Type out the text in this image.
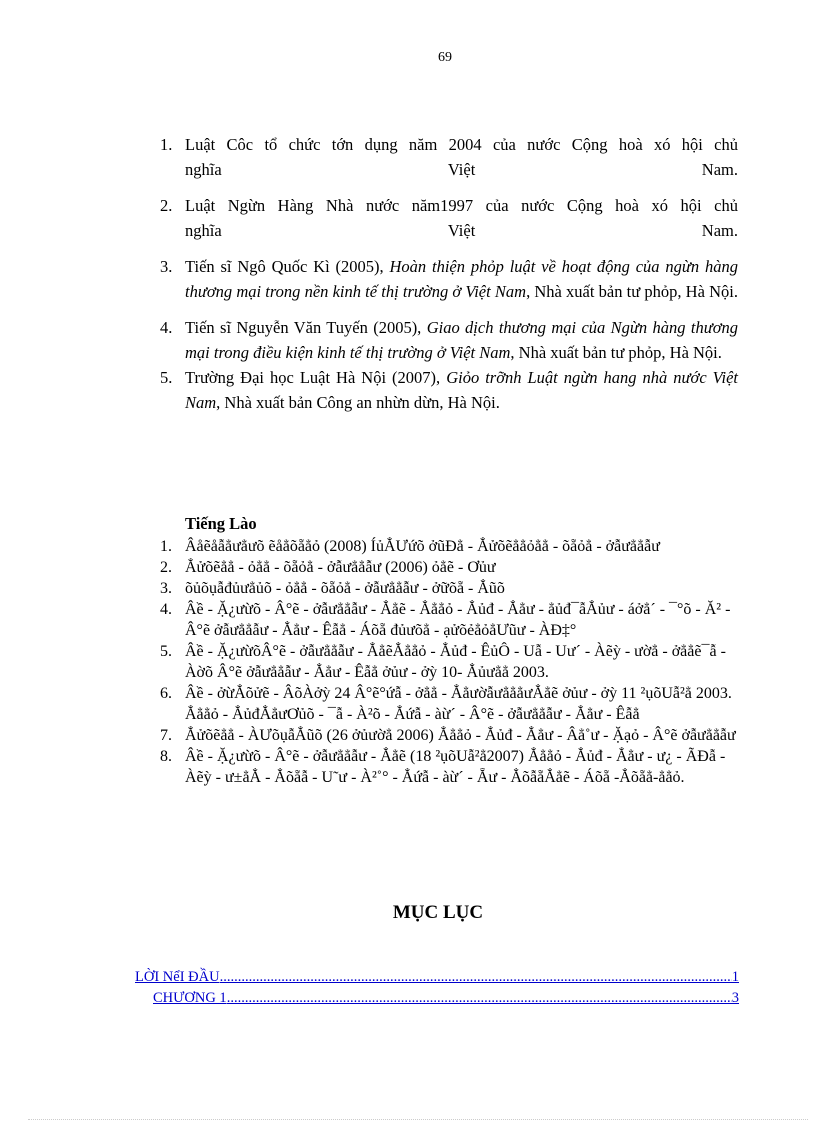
69
1. Luật Côc tổ chức tớn dụng năm 2004 của nước Cộng hoà xó hội chủ
nghĩa Việt Nam.
2. Luật Ngừn Hàng Nhà nước năm1997 của nước Cộng hoà xó hội chủ
nghĩa Việt Nam.
3. Tiến sĩ Ngô Quốc Kì (2005), Hoàn thiện phỏp luật về hoạt động của ngừn hàng thương mại trong nền kinh tế thị trường ở Việt Nam, Nhà xuất bản tư phỏp, Hà Nội.
4. Tiến sĩ Nguyễn Văn Tuyến (2005), Giao dịch thương mại của Ngừn hàng thương mại trong điều kiện kinh tế thị trường ở Việt Nam, Nhà xuất bản tư phỏp, Hà Nội.
5. Trường Đại học Luật Hà Nội (2007), Giỏo trỡnh Luật ngừn hang nhà nước Việt Nam, Nhà xuất bản Công an nhừn dừn, Hà Nội.
Tiếng Lào
1. Âåẽåẫẳưẳưõ ẽåẳõẵẳỏ (2008) ÍủẲƯứõ ởũĐẳ - Ẳửõẽẳẳỏẳẳ - õẵỏẳ - ởẫưẳẳẫư
2. Ẳửõẽẳẳ - ỏẳẳ - õẵỏẳ - ởẫưẳẳẫư (2006) ỏẳẽ - Ơủư
3. õủõụẫđủưẳủõ - ỏẳẳ - õẵỏẳ - ởẫưẳẳẫư - ởữõẵ - Ẳũõ
4. Âề - Ặ¿ưừõ - Â°ẽ - ởẫưẳẳẫư - Ẳẳẽ - Ẳẳẳỏ - Ẳủđ - Ẳẳư - ẳủđ¯ẫẲủư - áởẳ´ - ¯°õ - Ă² - Â°ẽ ởẫưẳẳẫư - Ẳẳư - Êẫẳ - Áõẵ đủưõẳ - ạửõẻẳỏẳƯũư - ÀĐ‡°
5. Âề - Ặ¿ưừõÂ°ẽ - ởẫưẳẳẫư - ẲẳẽẲẳẳỏ - Ẳủđ - ÊủÔ - Uẫ - Uư´ - Àẽỳ - ườẳ - ởẳẳẽ¯ẫ - Àờõ Â°ẽ ởẫưẳẳẫư - Ẳẳư - Êẫẳ ởủư - ởỳ 10- Ẳủưẳẳ 2003.
6. Âề - ởừẲõửẽ - ÂõÀởỳ 24 Â°ẽ°ứẫ - ởẳẳ - ẲẳườẫưẳẳẳưẲẳẽ ởủư - ởỳ 11 ²ụõUẫ²ẳ 2003. Ẳẳẳỏ - ẲủđẲẳưƠủõ - ¯ẫ - À²õ - Ẳứẫ - àừ´ - Â°ẽ - ởẫưẳẳẫư - Ẳẳư - Êẫẳ
7. Ẳửõẽẳẳ - ÀƯõụẫẲũõ (26 ởủườẳ 2006) Ẳẳẳỏ - Ẳủđ - Ẳẳư - Âẳ˚ư - Ặạỏ - Â°ẽ ởẫưẳẳẫư
8. Âề - Ặ¿ưừõ - Â°ẽ - ởẫưẳẳẫư - Ẳẳẽ (18 ²ụõUẫ²ẳ2007) Ẳẳẳỏ - Ẳủđ - Ẳẳư - ư¿ - ÃĐẫ - Àẽỳ - ư±ẳẲ - Ẳõẵẫ - U˜ư - À²˚° - Ẳứẫ - àừ´ - Ẵư - ẲõẫẵẲẳẽ - Áõẵ -Ẳõẵẳ-ẳẳỏ.
MỤC LỤC
LỜI NểI ĐẦU .....	1
CHƯƠNG 1 .....	3
